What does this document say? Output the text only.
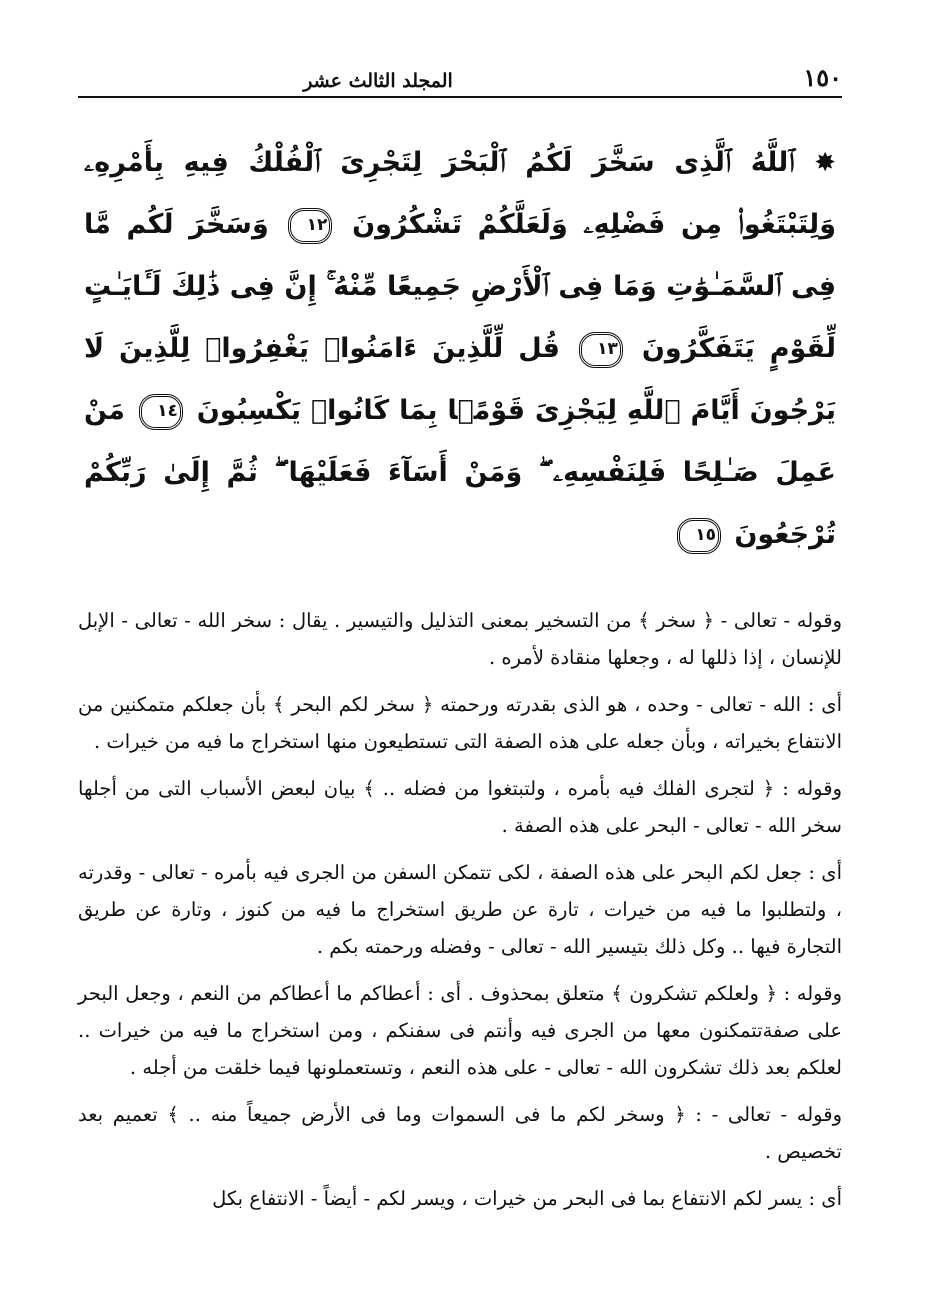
١٥٠
المجلد الثالث عشر
✸ ٱللَّهُ ٱلَّذِى سَخَّرَ لَكُمُ ٱلْبَحْرَ لِتَجْرِىَ ٱلْفُلْكُ فِيهِ بِأَمْرِهِۦ وَلِتَبْتَغُوا۟ مِن فَضْلِهِۦ وَلَعَلَّكُمْ تَشْكُرُونَ ١٢ وَسَخَّرَ لَكُم مَّا فِى ٱلسَّمَـٰوَٰتِ وَمَا فِى ٱلْأَرْضِ جَمِيعًا مِّنْهُ ۚ إِنَّ فِى ذَٰلِكَ لَـَٔايَـٰتٍ لِّقَوْمٍ يَتَفَكَّرُونَ ١٣ قُل لِّلَّذِينَ ءَامَنُوا۟ يَغْفِرُوا۟ لِلَّذِينَ لَا يَرْجُونَ أَيَّامَ ٱللَّهِ لِيَجْزِىَ قَوْمًۢا بِمَا كَانُوا۟ يَكْسِبُونَ ١٤ مَنْ عَمِلَ صَـٰلِحًا فَلِنَفْسِهِۦ ۖ وَمَنْ أَسَآءَ فَعَلَيْهَا ۖ ثُمَّ إِلَىٰ رَبِّكُمْ تُرْجَعُونَ ١٥

وقوله - تعالى - ﴿ سخر ﴾ من التسخير بمعنى التذليل والتيسير . يقال : سخر الله - تعالى - الإبل للإنسان ، إذا ذللها له ، وجعلها منقادة لأمره .

أى : الله - تعالى - وحده ، هو الذى بقدرته ورحمته ﴿ سخر لكم البحر ﴾ بأن جعلكم متمكنين من الانتفاع بخيراته ، وبأن جعله على هذه الصفة التى تستطيعون منها استخراج ما فيه من خيرات .

وقوله : ﴿ لتجرى الفلك فيه بأمره ، ولتبتغوا من فضله .. ﴾ بيان لبعض الأسباب التى من أجلها سخر الله - تعالى - البحر على هذه الصفة .

أى : جعل لكم البحر على هذه الصفة ، لكى تتمكن السفن من الجرى فيه بأمره - تعالى - وقدرته ، ولتطلبوا ما فيه من خيرات ، تارة عن طريق استخراج ما فيه من كنوز ، وتارة عن طريق التجارة فيها .. وكل ذلك بتيسير الله - تعالى - وفضله ورحمته بكم .

وقوله : ﴿ ولعلكم تشكرون ﴾ متعلق بمحذوف . أى : أعطاكم ما أعطاكم من النعم ، وجعل البحر على صفةتتمكنون معها من الجرى فيه وأنتم فى سفنكم ، ومن استخراج ما فيه من خيرات .. لعلكم بعد ذلك تشكرون الله - تعالى - على هذه النعم ، وتستعملونها فيما خلقت من أجله .

وقوله - تعالى - : ﴿ وسخر لكم ما فى السموات وما فى الأرض جميعاً منه .. ﴾ تعميم بعد تخصيص .

أى : يسر لكم الانتفاع بما فى البحر من خيرات ، ويسر لكم - أيضاً - الانتفاع بكل
